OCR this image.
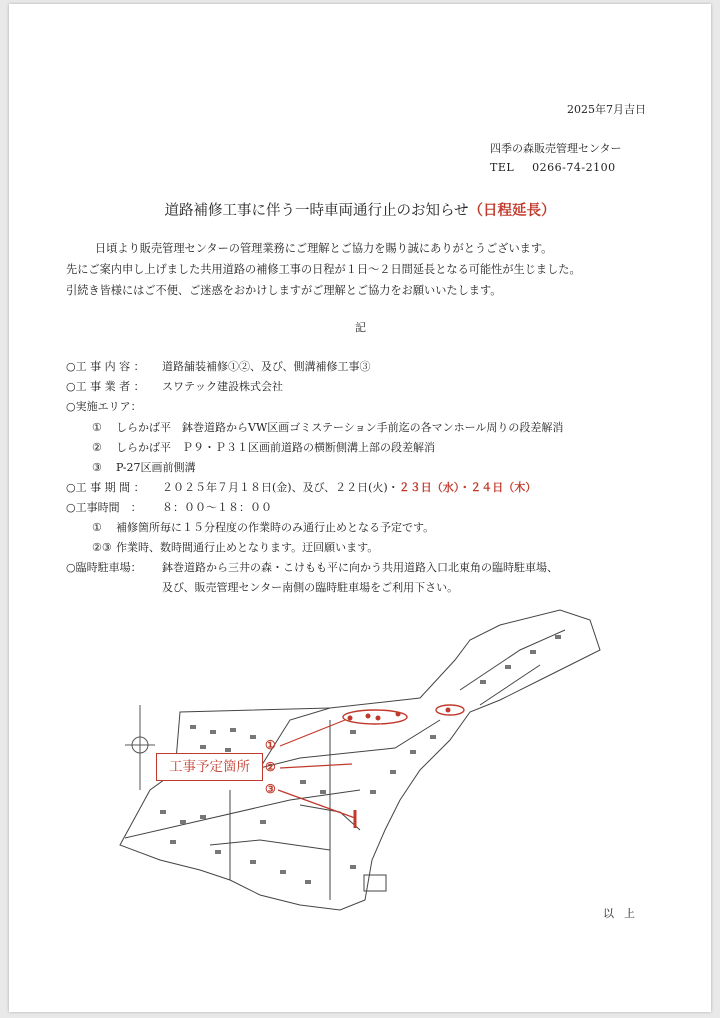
2025年7月吉日
四季の森販売管理センター
TEL 0266-74-2100
道路補修工事に伴う一時車両通行止のお知らせ（日程延長）
日頃より販売管理センターの管理業務にご理解とご協力を賜り誠にありがとうございます。
先にご案内申し上げました共用道路の補修工事の日程が１日〜２日間延長となる可能性が生じました。
引続き皆様にはご不便、ご迷惑をおかけしますがご理解とご協力をお願いいたします。
記
○工 事 内 容 ： 道路舗装補修①②、及び、側溝補修工事③
○工 事 業 者 ： スワテック建設株式会社
○実施エリア：
① しらかば平　鉢巻道路からVW区画ゴミステーション手前迄の各マンホール周りの段差解消
② しらかば平　Ｐ９・Ｐ３１区画前道路の横断側溝上部の段差解消
③ P-27区画前側溝
○工 事 期 間 ： ２０２５年７月１８日(金)、及び、２２日(火)・２３日（水）・２４日（木）
○工事時間　： ８：００〜１８：００
① 補修箇所毎に１５分程度の作業時のみ通行止めとなる予定です。
②③ 作業時、数時間通行止めとなります。迂回願います。
○臨時駐車場： 鉢巻道路から三井の森・こけもも平に向かう共用道路入口北東角の臨時駐車場、
及び、販売管理センター南側の臨時駐車場をご利用下さい。
工事予定箇所
①
②
③
以上
